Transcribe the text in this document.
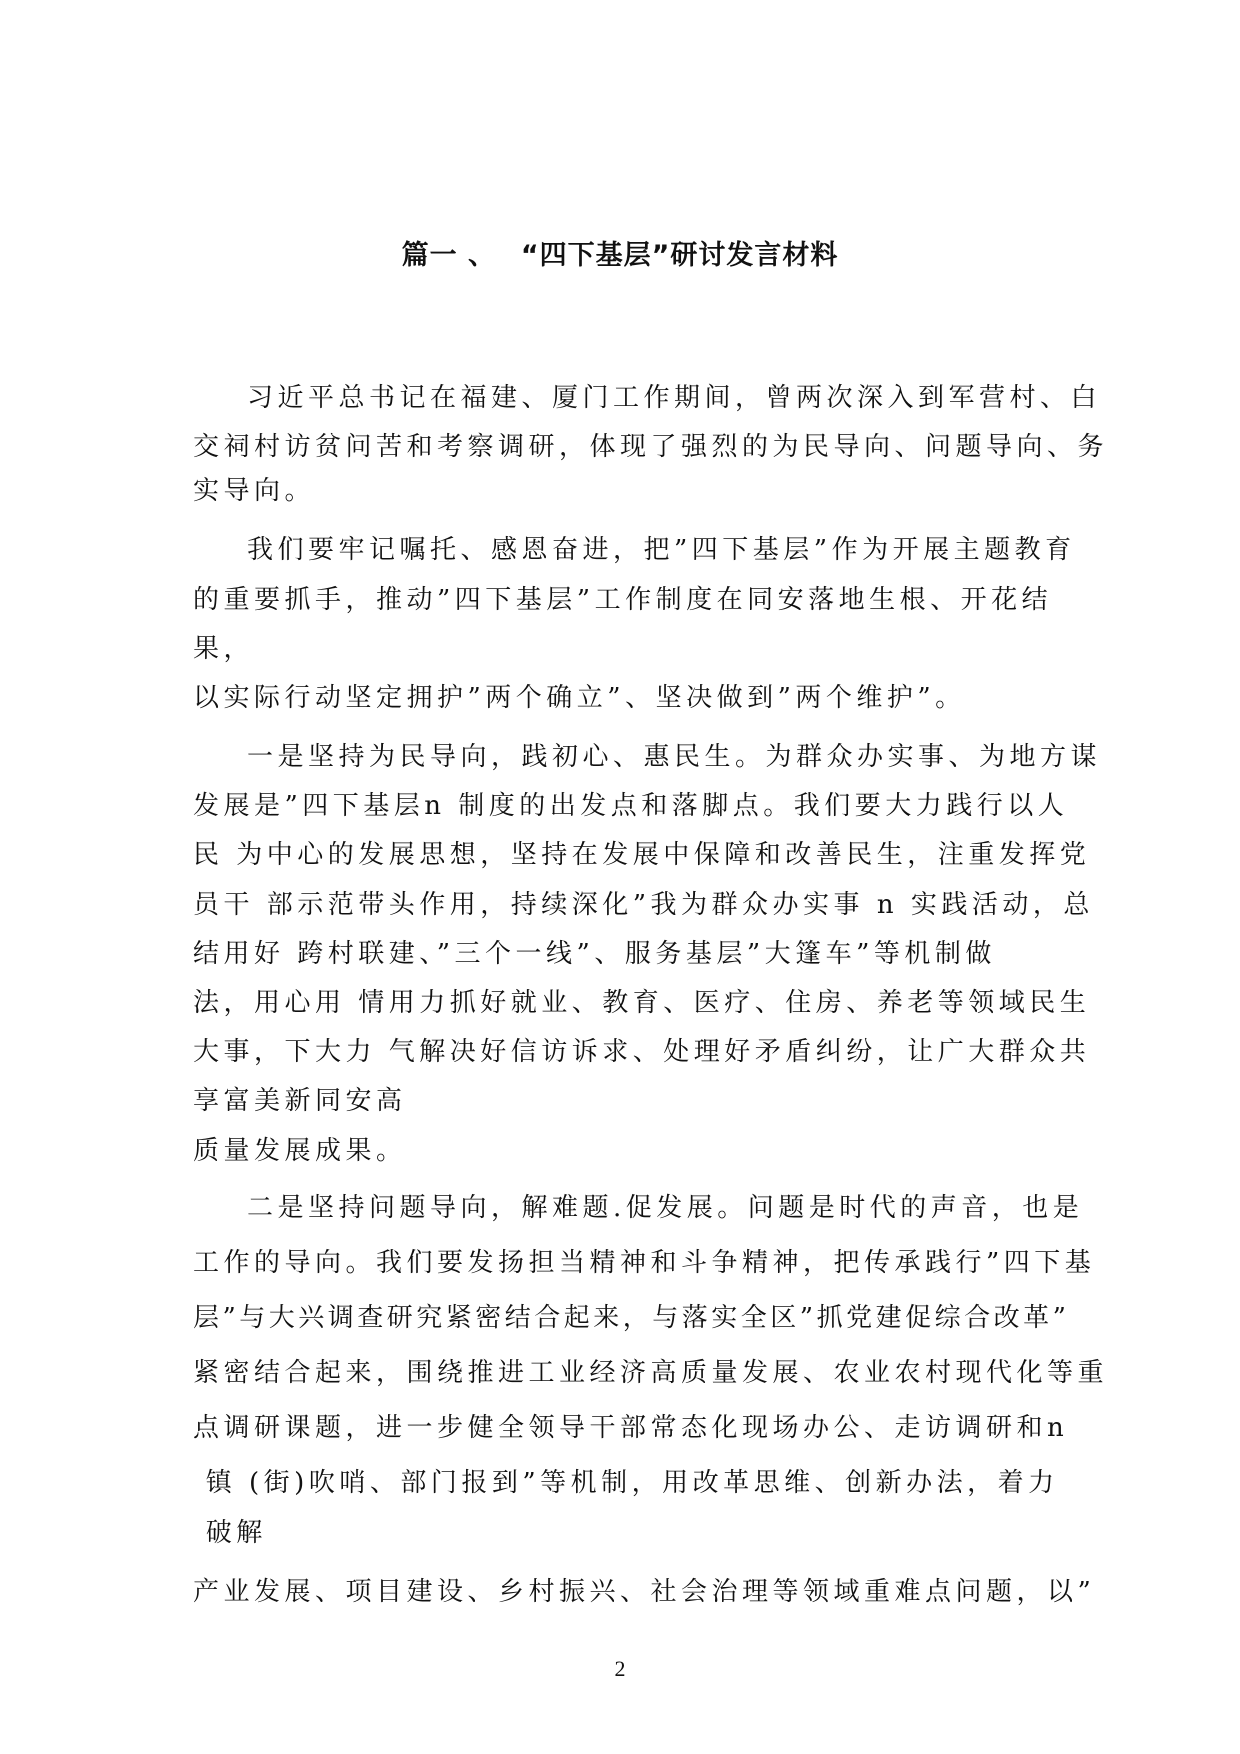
篇一 、　 “四下基层”研讨发言材料
习近平总书记在福建、厦门工作期间，曾两次深入到军营村、白
交祠村访贫问苦和考察调研，体现了强烈的为民导向、问题导向、务
实导向。
我们要牢记嘱托、感恩奋进，把”四下基层”作为开展主题教育
的重要抓手，推动”四下基层”工作制度在同安落地生根、开花结
果，
以实际行动坚定拥护”两个确立”、坚决做到”两个维护”。
一是坚持为民导向，践初心、惠民生。为群众办实事、为地方谋
发展是”四下基层n 制度的出发点和落脚点。我们要大力践行以人
民 为中心的发展思想，坚持在发展中保障和改善民生，注重发挥党
员干 部示范带头作用，持续深化”我为群众办实事 n 实践活动，总
结用好 跨村联建、”三个一线”、服务基层”大篷车”等机制做
法，用心用 情用力抓好就业、教育、医疗、住房、养老等领域民生
大事，下大力 气解决好信访诉求、处理好矛盾纠纷，让广大群众共
享富美新同安高
质量发展成果。
二是坚持问题导向，解难题.促发展。问题是时代的声音，也是
工作的导向。我们要发扬担当精神和斗争精神，把传承践行”四下基
层”与大兴调查研究紧密结合起来，与落实全区”抓党建促综合改革”
紧密结合起来，围绕推进工业经济高质量发展、农业农村现代化等重
点调研课题，进一步健全领导干部常态化现场办公、走访调研和n
镇 (街)吹哨、部门报到”等机制，用改革思维、创新办法，着力
破解
产业发展、项目建设、乡村振兴、社会治理等领域重难点问题，以”
2
